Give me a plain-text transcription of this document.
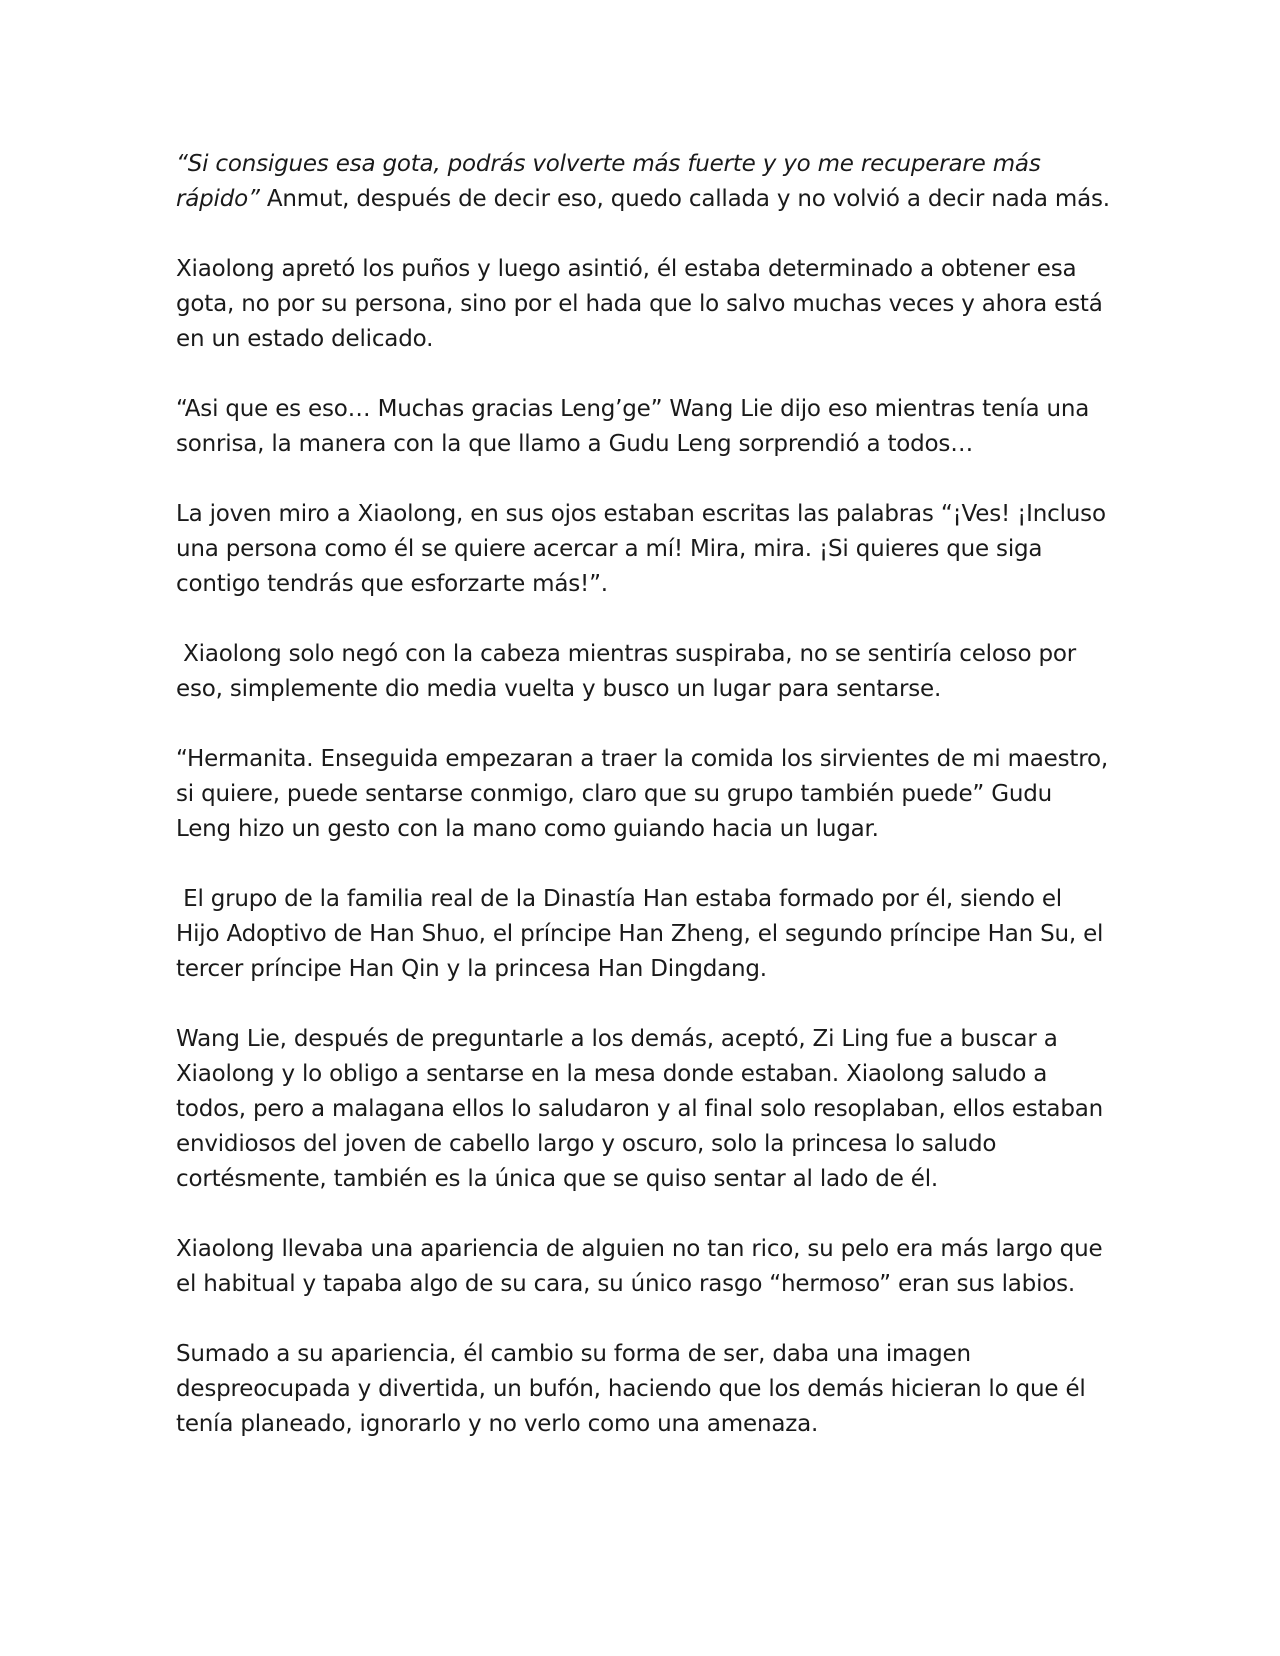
“Si consigues esa gota, podrás volverte más fuerte y yo me recuperare más rápido” Anmut, después de decir eso, quedo callada y no volvió a decir nada más.

Xiaolong apretó los puños y luego asintió, él estaba determinado a obtener esa gota, no por su persona, sino por el hada que lo salvo muchas veces y ahora está en un estado delicado.

“Asi que es eso… Muchas gracias Leng’ge” Wang Lie dijo eso mientras tenía una sonrisa, la manera con la que llamo a Gudu Leng sorprendió a todos…

La joven miro a Xiaolong, en sus ojos estaban escritas las palabras “¡Ves! ¡Incluso una persona como él se quiere acercar a mí! Mira, mira. ¡Si quieres que siga contigo tendrás que esforzarte más!”.

Xiaolong solo negó con la cabeza mientras suspiraba, no se sentiría celoso por eso, simplemente dio media vuelta y busco un lugar para sentarse.

“Hermanita. Enseguida empezaran a traer la comida los sirvientes de mi maestro, si quiere, puede sentarse conmigo, claro que su grupo también puede” Gudu Leng hizo un gesto con la mano como guiando hacia un lugar.

El grupo de la familia real de la Dinastía Han estaba formado por él, siendo el Hijo Adoptivo de Han Shuo, el príncipe Han Zheng, el segundo príncipe Han Su, el tercer príncipe Han Qin y la princesa Han Dingdang.

Wang Lie, después de preguntarle a los demás, aceptó, Zi Ling fue a buscar a Xiaolong y lo obligo a sentarse en la mesa donde estaban. Xiaolong saludo a todos, pero a malagana ellos lo saludaron y al final solo resoplaban, ellos estaban envidiosos del joven de cabello largo y oscuro, solo la princesa lo saludo cortésmente, también es la única que se quiso sentar al lado de él.

Xiaolong llevaba una apariencia de alguien no tan rico, su pelo era más largo que el habitual y tapaba algo de su cara, su único rasgo “hermoso” eran sus labios.

Sumado a su apariencia, él cambio su forma de ser, daba una imagen despreocupada y divertida, un bufón, haciendo que los demás hicieran lo que él tenía planeado, ignorarlo y no verlo como una amenaza.
